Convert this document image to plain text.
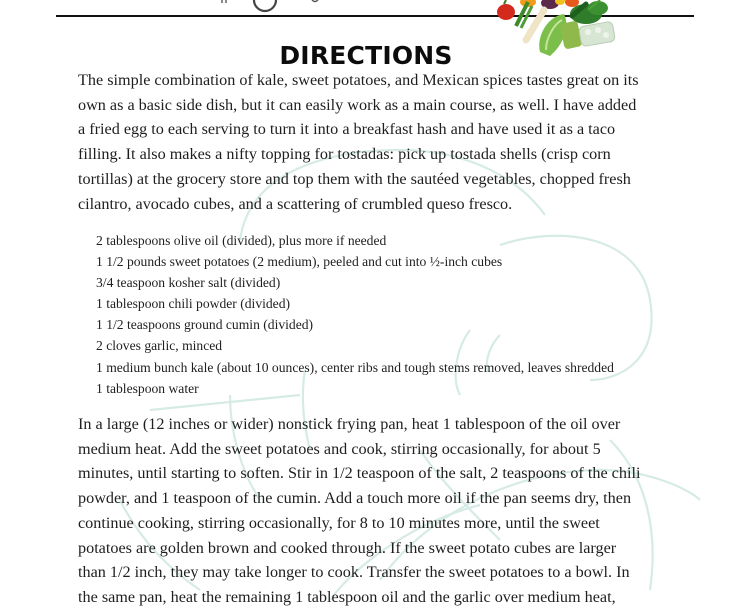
DIRECTIONS

The simple combination of kale, sweet potatoes, and Mexican spices tastes great on its
own as a basic side dish, but it can easily work as a main course, as well. I have added
a fried egg to each serving to turn it into a breakfast hash and have used it as a taco
filling. It also makes a nifty topping for tostadas: pick up tostada shells (crisp corn
tortillas) at the grocery store and top them with the sautéed vegetables, chopped fresh
cilantro, avocado cubes, and a scattering of crumbled queso fresco.

2 tablespoons olive oil (divided), plus more if needed
1 1/2 pounds sweet potatoes (2 medium), peeled and cut into ½-inch cubes
3/4 teaspoon kosher salt (divided)
1 tablespoon chili powder (divided)
1 1/2 teaspoons ground cumin (divided)
2 cloves garlic, minced
1 medium bunch kale (about 10 ounces), center ribs and tough stems removed, leaves shredded
1 tablespoon water

In a large (12 inches or wider) nonstick frying pan, heat 1 tablespoon of the oil over
medium heat. Add the sweet potatoes and cook, stirring occasionally, for about 5
minutes, until starting to soften. Stir in 1/2 teaspoon of the salt, 2 teaspoons of the chili
powder, and 1 teaspoon of the cumin. Add a touch more oil if the pan seems dry, then
continue cooking, stirring occasionally, for 8 to 10 minutes more, until the sweet
potatoes are golden brown and cooked through. If the sweet potato cubes are larger
than 1/2 inch, they may take longer to cook. Transfer the sweet potatoes to a bowl. In
the same pan, heat the remaining 1 tablespoon oil and the garlic over medium heat,
